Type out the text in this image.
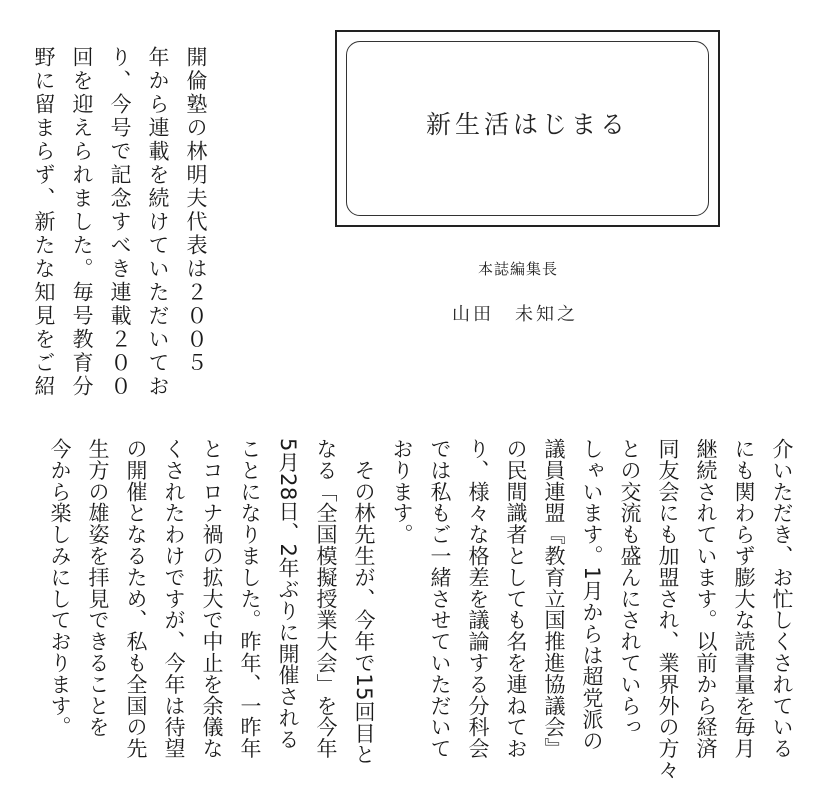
新生活はじまる
本誌編集長
山田　未知之
開倫塾の林明夫代表は２００５
年から連載を続けていただいてお
り、今号で記念すべき連載２００
回を迎えられました。毎号教育分
野に留まらず、新たな知見をご紹
介いただき、お忙しくされている
にも関わらず膨大な読書量を毎月
継続されています。以前から経済
同友会にも加盟され、業界外の方々
との交流も盛んにされていらっ
しゃいます。1月からは超党派の
議員連盟『教育立国推進協議会』
の民間識者としても名を連ねてお
り、様々な格差を議論する分科会
では私もご一緒させていただいて
おります。
　その林先生が、今年で15回目と
なる「全国模擬授業大会」を今年
5月28日、2年ぶりに開催される
ことになりました。昨年、一昨年
とコロナ禍の拡大で中止を余儀な
くされたわけですが、今年は待望
の開催となるため、私も全国の先
生方の雄姿を拝見できることを
今から楽しみにしております。
